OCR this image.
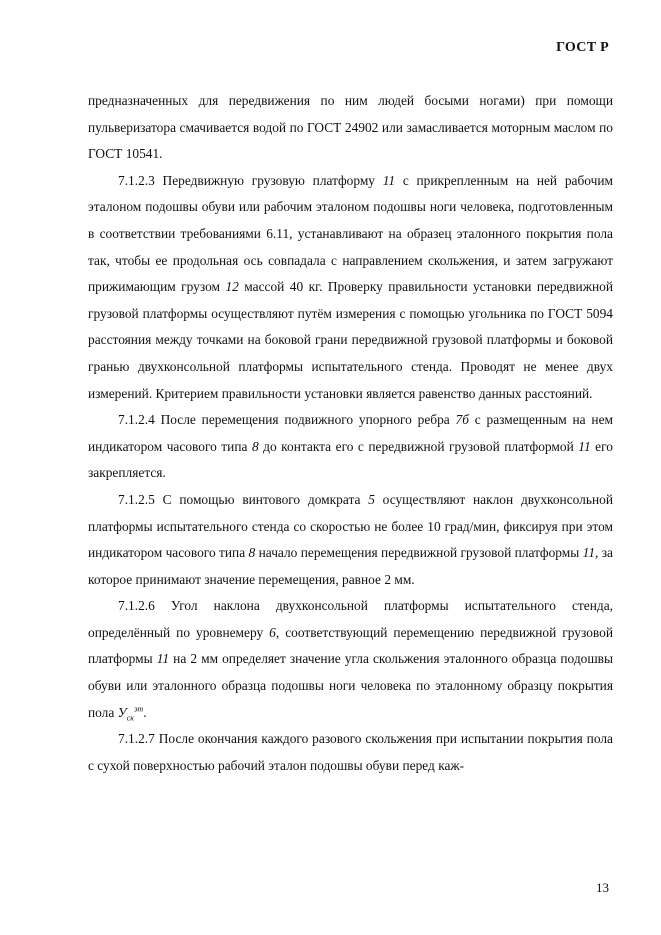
ГОСТ Р

предназначенных для передвижения по ним людей босыми ногами) при помощи пульверизатора смачивается водой по ГОСТ 24902 или замасливается моторным маслом по ГОСТ 10541.

7.1.2.3 Передвижную грузовую платформу 11 с прикрепленным на ней рабочим эталоном подошвы обуви или рабочим эталоном подошвы ноги человека, подготовленным в соответствии требованиями 6.11, устанавливают на образец эталонного покрытия пола так, чтобы ее продольная ось совпадала с направлением скольжения, и затем загружают прижимающим грузом 12 массой 40 кг. Проверку правильности установки передвижной грузовой платформы осуществляют путём измерения с помощью угольника по ГОСТ 5094 расстояния между точками на боковой грани передвижной грузовой платформы и боковой гранью двухконсольной платформы испытательного стенда. Проводят не менее двух измерений. Критерием правильности установки является равенство данных расстояний.

7.1.2.4 После перемещения подвижного упорного ребра 7б с размещенным на нем индикатором часового типа 8 до контакта его с передвижной грузовой платформой 11 его закрепляется.

7.1.2.5 С помощью винтового домкрата 5 осуществляют наклон двухконсольной платформы испытательного стенда со скоростью не более 10 град/мин, фиксируя при этом индикатором часового типа 8 начало перемещения передвижной грузовой платформы 11, за которое принимают значение перемещения, равное 2 мм.

7.1.2.6 Угол наклона двухконсольной платформы испытательного стенда, определённый по уровнемеру 6, соответствующий перемещению передвижной грузовой платформы 11 на 2 мм определяет значение угла скольжения эталонного образца подошвы обуви или эталонного образца подошвы ноги человека по эталонному образцу покрытия пола $У_{ск}^{эт}$.

7.1.2.7 После окончания каждого разового скольжения при испытании покрытия пола с сухой поверхностью рабочий эталон подошвы обуви перед каж-

13
